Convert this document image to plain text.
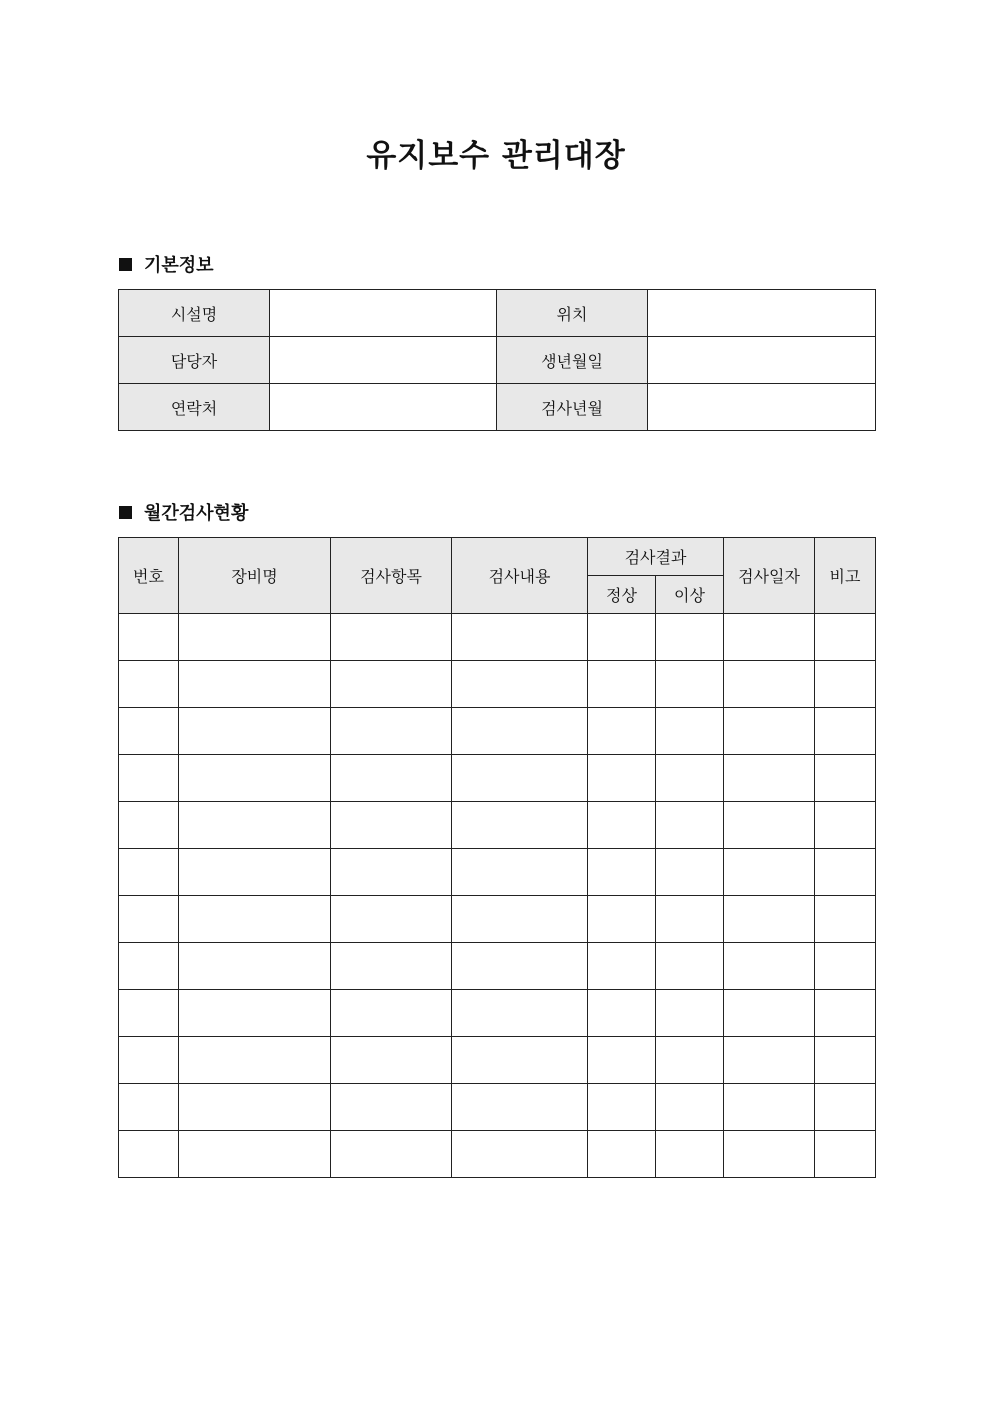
유지보수 관리대장
기본정보
시설명		위치	
담당자		생년월일	
연락처		검사년월	
월간검사현황
번호	장비명	검사항목	검사내용	검사결과		검사일자	비고
				정상	이상		
